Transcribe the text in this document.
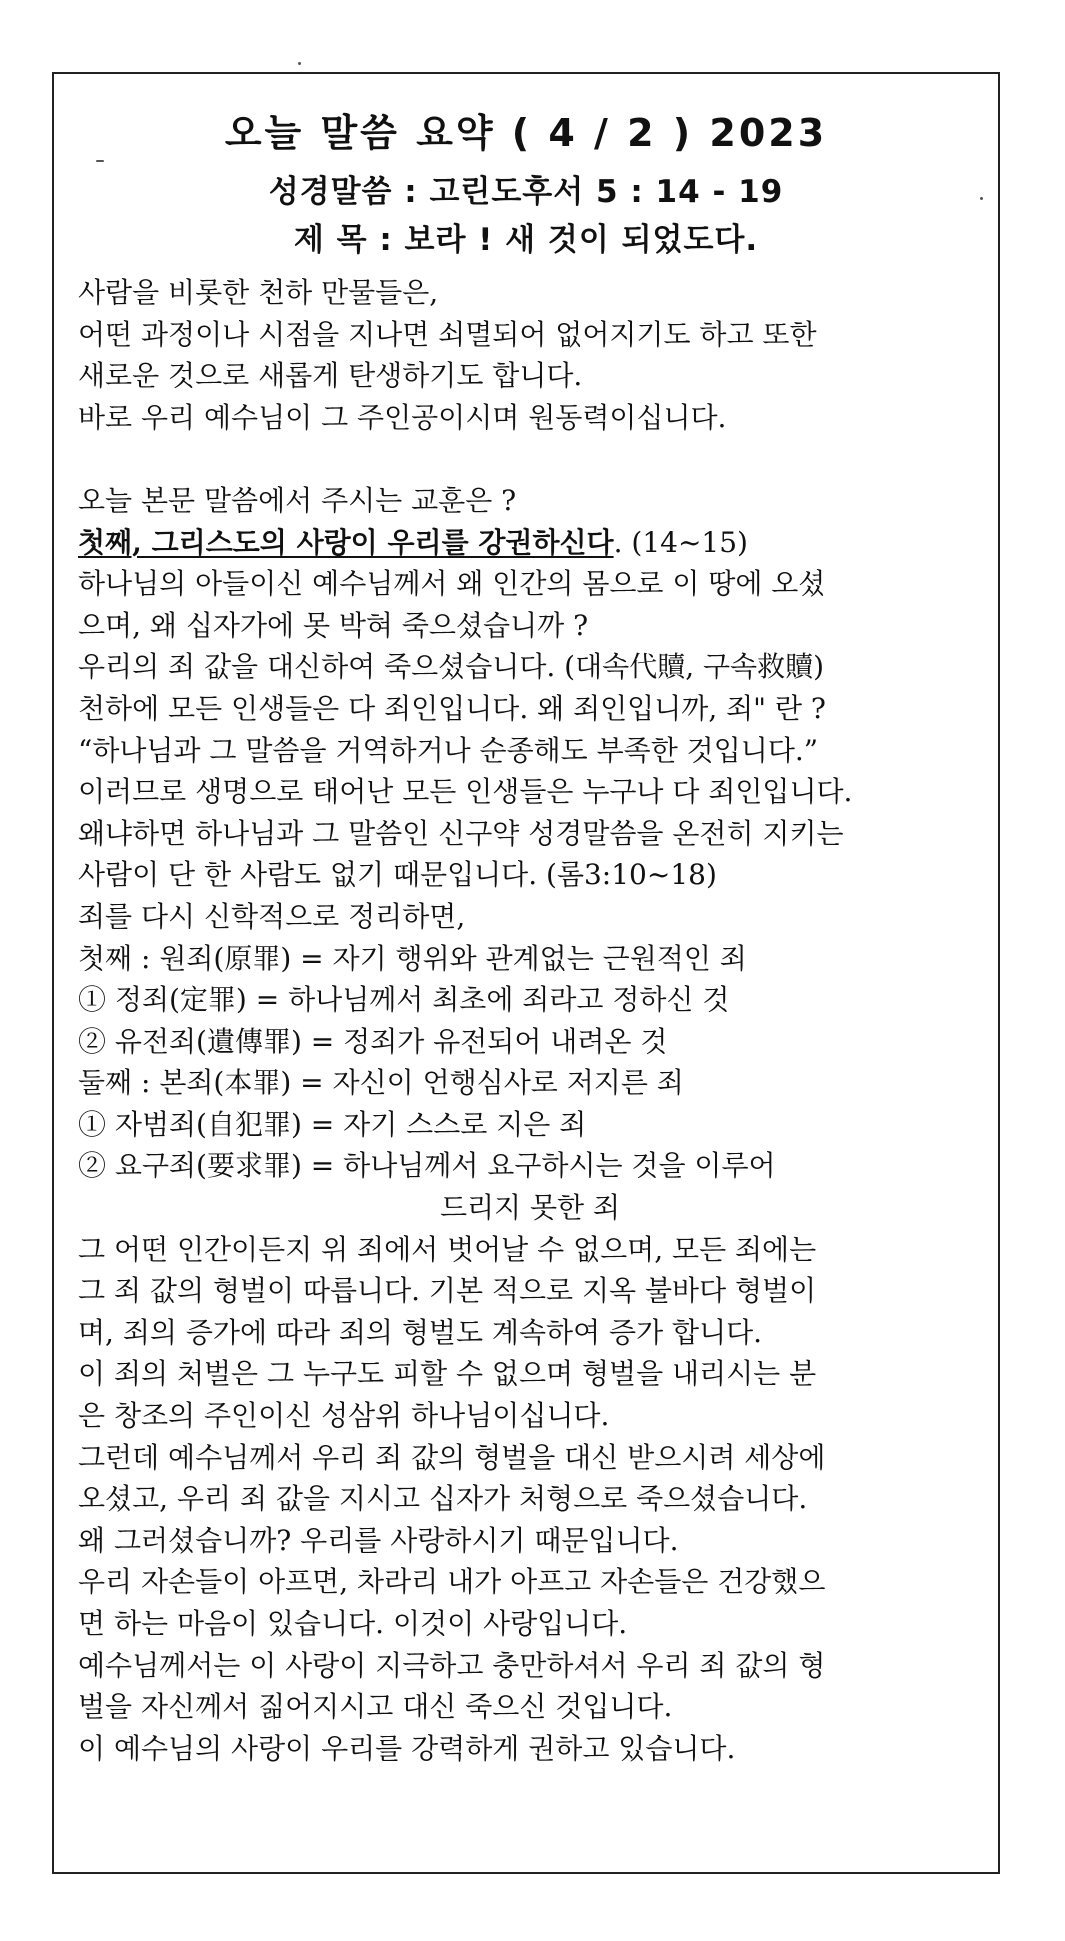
오늘 말씀 요약 ( 4 / 2 ) 2023
성경말씀 : 고린도후서 5 : 14 - 19
제 목 : 보라 ! 새 것이 되었도다.
사람을 비롯한 천하 만물들은,
어떤 과정이나 시점을 지나면 쇠멸되어 없어지기도 하고 또한
새로운 것으로 새롭게 탄생하기도 합니다.
바로 우리 예수님이 그 주인공이시며 원동력이십니다.
오늘 본문 말씀에서 주시는 교훈은 ?
첫째, 그리스도의 사랑이 우리를 강권하신다. (14~15)
하나님의 아들이신 예수님께서 왜 인간의 몸으로 이 땅에 오셨
으며, 왜 십자가에 못 박혀 죽으셨습니까 ?
우리의 죄 값을 대신하여 죽으셨습니다. (대속代贖, 구속救贖)
천하에 모든 인생들은 다 죄인입니다. 왜 죄인입니까, 죄" 란 ?
“하나님과 그 말씀을 거역하거나 순종해도 부족한 것입니다.”
이러므로 생명으로 태어난 모든 인생들은 누구나 다 죄인입니다.
왜냐하면 하나님과 그 말씀인 신구약 성경말씀을 온전히 지키는
사람이 단 한 사람도 없기 때문입니다. (롬3:10~18)
죄를 다시 신학적으로 정리하면,
첫째 : 원죄(原罪) = 자기 행위와 관계없는 근원적인 죄
① 정죄(定罪) = 하나님께서 최초에 죄라고 정하신 것
② 유전죄(遺傳罪) = 정죄가 유전되어 내려온 것
둘째 : 본죄(本罪) = 자신이 언행심사로 저지른 죄
① 자범죄(自犯罪) = 자기 스스로 지은 죄
② 요구죄(要求罪) = 하나님께서 요구하시는 것을 이루어
드리지 못한 죄
그 어떤 인간이든지 위 죄에서 벗어날 수 없으며, 모든 죄에는
그 죄 값의 형벌이 따릅니다. 기본 적으로 지옥 불바다 형벌이
며, 죄의 증가에 따라 죄의 형벌도 계속하여 증가 합니다.
이 죄의 처벌은 그 누구도 피할 수 없으며 형벌을 내리시는 분
은 창조의 주인이신 성삼위 하나님이십니다.
그런데 예수님께서 우리 죄 값의 형벌을 대신 받으시려 세상에
오셨고, 우리 죄 값을 지시고 십자가 처형으로 죽으셨습니다.
왜 그러셨습니까? 우리를 사랑하시기 때문입니다.
우리 자손들이 아프면, 차라리 내가 아프고 자손들은 건강했으
면 하는 마음이 있습니다. 이것이 사랑입니다.
예수님께서는 이 사랑이 지극하고 충만하셔서 우리 죄 값의 형
벌을 자신께서 짊어지시고 대신 죽으신 것입니다.
이 예수님의 사랑이 우리를 강력하게 권하고 있습니다.
